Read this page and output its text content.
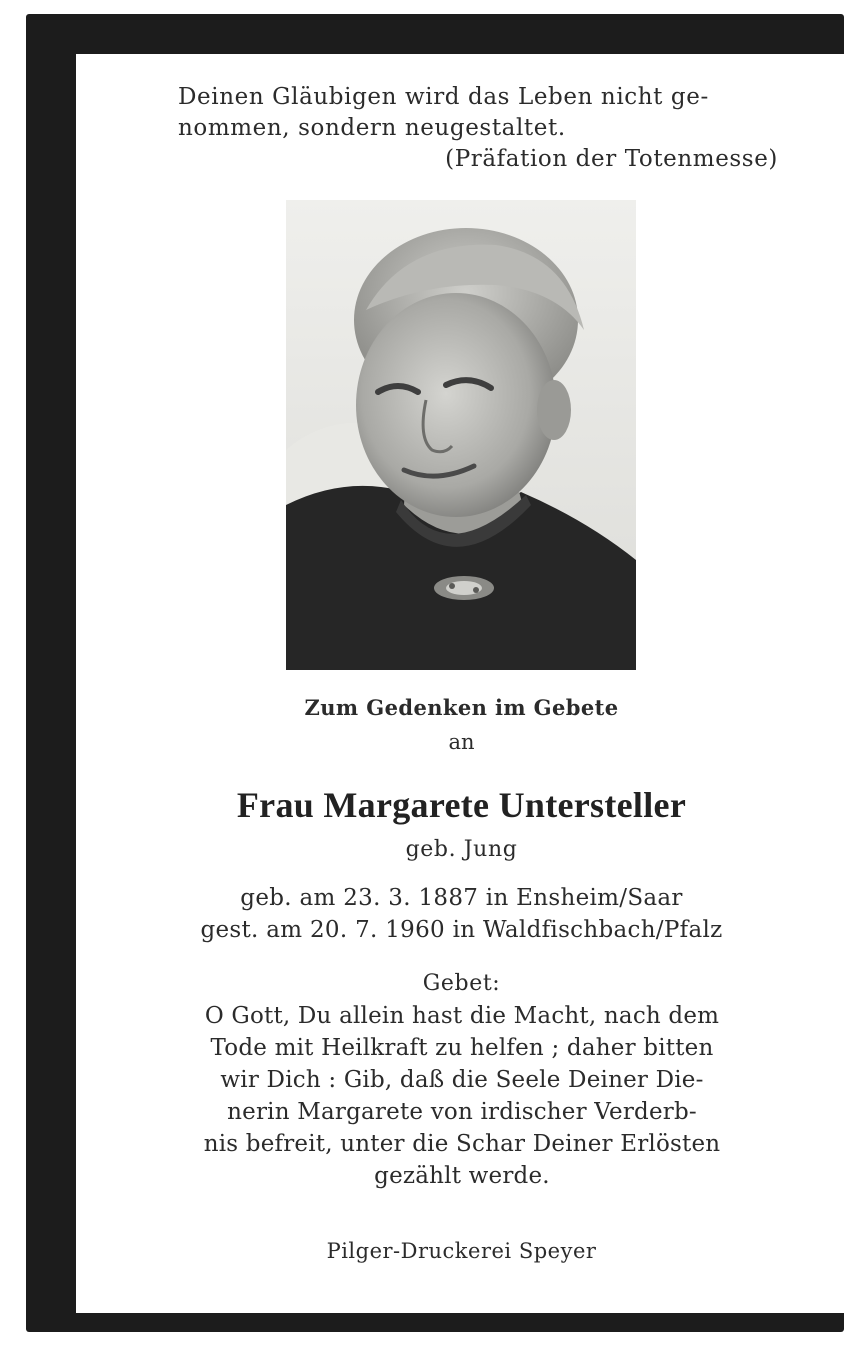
Deinen Gläubigen wird das Leben nicht ge-
nommen, sondern neugestaltet.
(Präfation der Totenmesse)
Zum Gedenken im Gebete
an
Frau Margarete Untersteller
geb. Jung
geb. am 23. 3. 1887 in Ensheim/Saar
gest. am 20. 7. 1960 in Waldfischbach/Pfalz
Gebet:
O Gott, Du allein hast die Macht, nach dem
Tode mit Heilkraft zu helfen ; daher bitten
wir Dich : Gib, daß die Seele Deiner Die-
nerin Margarete von irdischer Verderb-
nis befreit, unter die Schar Deiner Erlösten
gezählt werde.
Pilger-Druckerei Speyer
